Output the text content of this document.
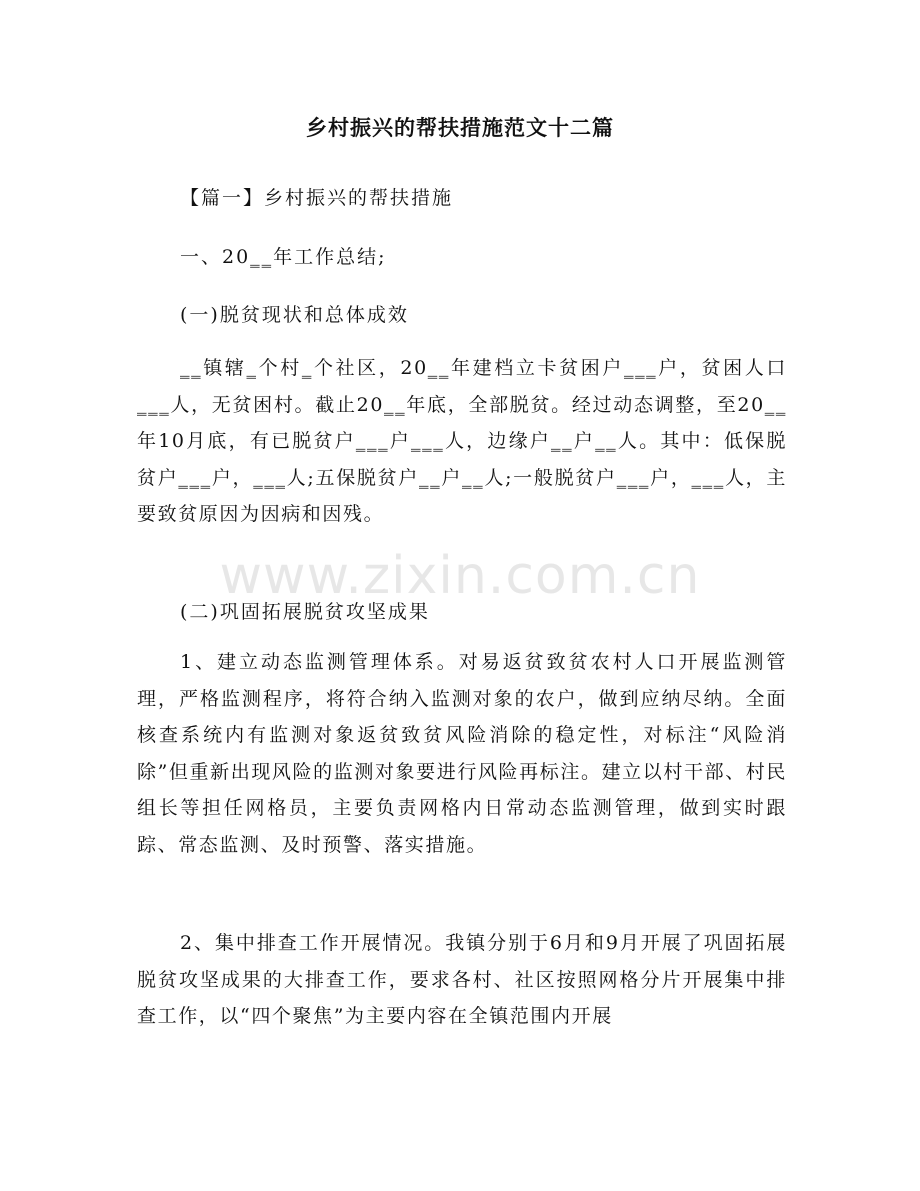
乡村振兴的帮扶措施范文十二篇
【篇一】乡村振兴的帮扶措施
一、20‗‗年工作总结;
(一)脱贫现状和总体成效
‗‗镇辖‗个村‗个社区，20‗‗年建档立卡贫困户‗‗‗户，贫困人口‗‗‗人，无贫困村。截止20‗‗年底，全部脱贫。经过动态调整，至20‗‗年10月底，有已脱贫户‗‗‗户‗‗‗人，边缘户‗‗户‗‗人。其中：低保脱贫户‗‗‗户，‗‗‗人;五保脱贫户‗‗户‗‗人;一般脱贫户‗‗‗户，‗‗‗人，主要致贫原因为因病和因残。
(二)巩固拓展脱贫攻坚成果
1、建立动态监测管理体系。对易返贫致贫农村人口开展监测管理，严格监测程序，将符合纳入监测对象的农户，做到应纳尽纳。全面核查系统内有监测对象返贫致贫风险消除的稳定性，对标注“风险消除”但重新出现风险的监测对象要进行风险再标注。建立以村干部、村民组长等担任网格员，主要负责网格内日常动态监测管理，做到实时跟踪、常态监测、及时预警、落实措施。
2、集中排查工作开展情况。我镇分别于6月和9月开展了巩固拓展脱贫攻坚成果的大排查工作，要求各村、社区按照网格分片开展集中排查工作，以“四个聚焦”为主要内容在全镇范围内开展
www.zixin.com.cn
